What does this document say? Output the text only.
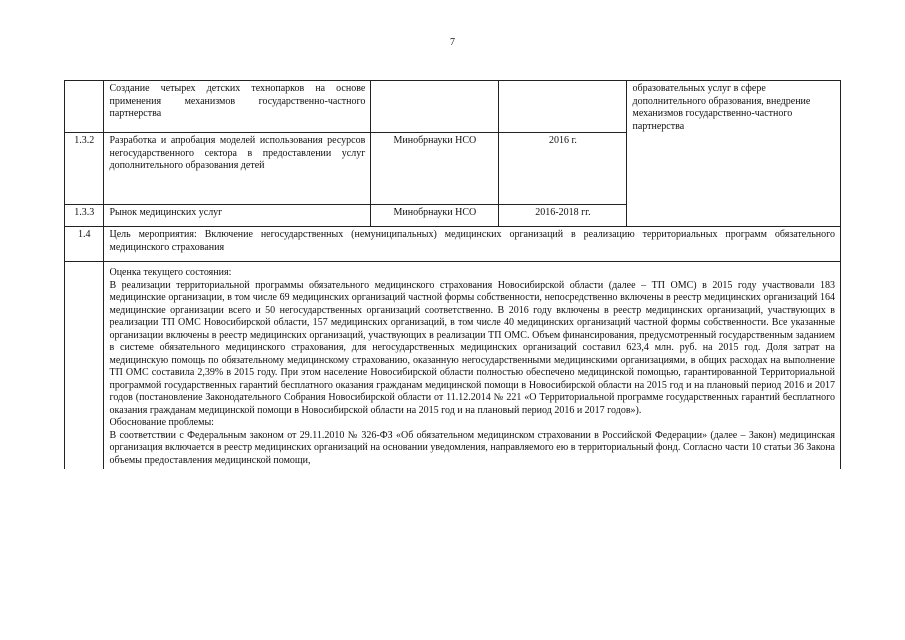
7

	Создание четырех детских технопарков на основе применения механизмов государственно-частного партнерства			образовательных услуг в сфере дополнительного образования, внедрение механизмов государственно-частного партнерства
1.3.2	Разработка и апробация моделей использования ресурсов негосударственного сектора в предоставлении услуг дополнительного образования детей	Минобрнауки НСО	2016 г.	
1.3.3	Рынок медицинских услуг	Минобрнауки НСО	2016-2018 гг.	
1.4	Цель мероприятия: Включение негосударственных (немуниципальных) медицинских организаций в реализацию территориальных программ обязательного медицинского страхования			

	Оценка текущего состояния:

В реализации территориальной программы обязательного медицинского страхования Новосибирской области (далее – ТП ОМС) в 2015 году участвовали 183 медицинские организации, в том числе 69 медицинских организаций частной формы собственности, непосредственно включены в реестр медицинских организаций 164 медицинские организации всего и 50 негосударственных организаций соответственно. В 2016 году включены в реестр медицинских организаций, участвующих в реализации ТП ОМС Новосибирской области, 157 медицинских организаций, в том числе 40 медицинских организаций частной формы собственности. Все указанные организации включены в реестр медицинских организаций, участвующих в реализации ТП ОМС. Объем финансирования, предусмотренный государственным заданием в системе обязательного медицинского страхования, для негосударственных медицинских организаций составил 623,4 млн. руб. на 2015 год. Доля затрат на медицинскую помощь по обязательному медицинскому страхованию, оказанную негосударственными медицинскими организациями, в общих расходах на выполнение ТП ОМС составила 2,39% в 2015 году. При этом население Новосибирской области полностью обеспечено медицинской помощью, гарантированной Территориальной программой государственных гарантий бесплатного оказания гражданам медицинской помощи в Новосибирской области на 2015 год и на плановый период 2016 и 2017 годов (постановление Законодательного Собрания Новосибирской области от 11.12.2014 № 221 «О Территориальной программе государственных гарантий бесплатного оказания гражданам медицинской помощи в Новосибирской области на 2015 год и на плановый период 2016 и 2017 годов»).

Обоснование проблемы:

В соответствии с Федеральным законом от 29.11.2010 № 326-ФЗ «Об обязательном медицинском страховании в Российской Федерации» (далее – Закон) медицинская организация включается в реестр медицинских организаций на основании уведомления, направляемого ею в территориальный фонд. Согласно части 10 статьи 36 Закона объемы предоставления медицинской помощи,			
